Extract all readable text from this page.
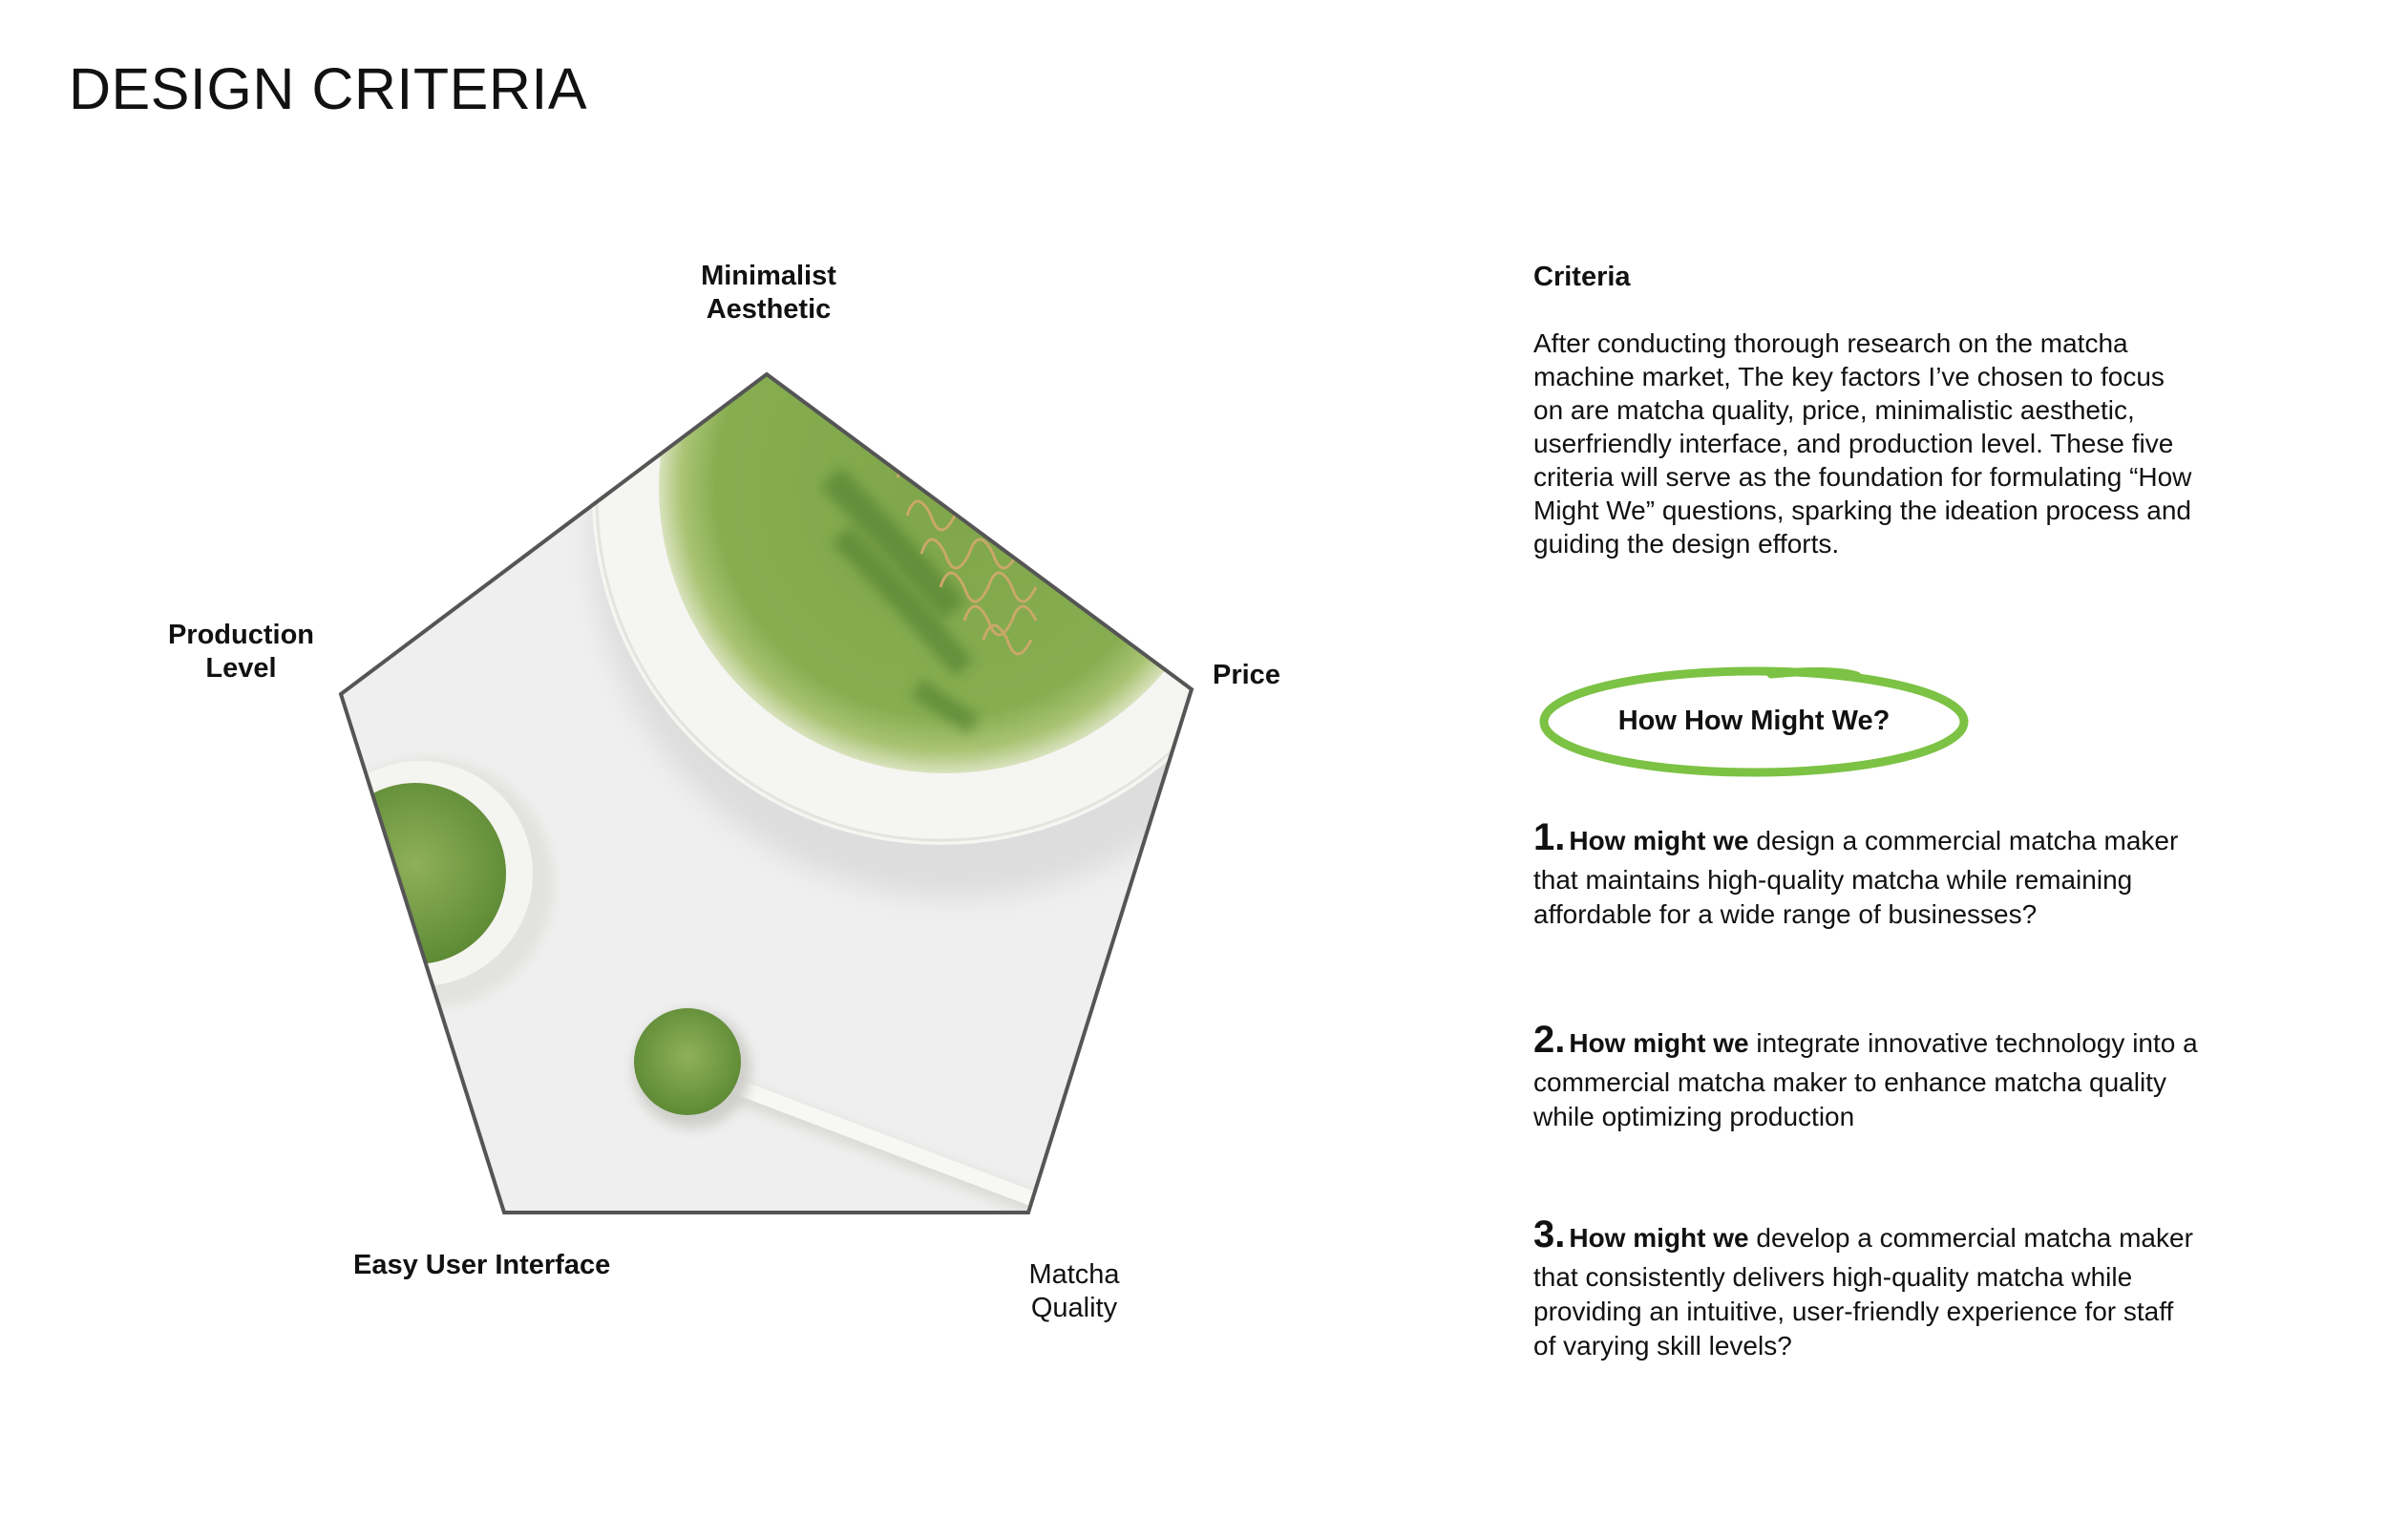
DESIGN CRITERIA
Minimalist
Aesthetic
Price
Production
Level
Easy User Interface	Matcha
Quality
Criteria
After conducting thorough research on the matcha machine market, The key factors I’ve chosen to focus on are matcha quality, price, minimalistic aesthetic, userfriendly interface, and production level. These five criteria will serve as the foundation for formulating “How Might We” questions, sparking the ideation process and guiding the design efforts.
How How Might We?
1. How might we design a commercial matcha maker that maintains high-quality matcha while remaining affordable for a wide range of businesses?
2. How might we integrate innovative technology into a commercial matcha maker to enhance matcha quality while optimizing production
3. How might we develop a commercial matcha maker that consistently delivers high-quality matcha while providing an intuitive, user-friendly experience for staff of varying skill levels?
